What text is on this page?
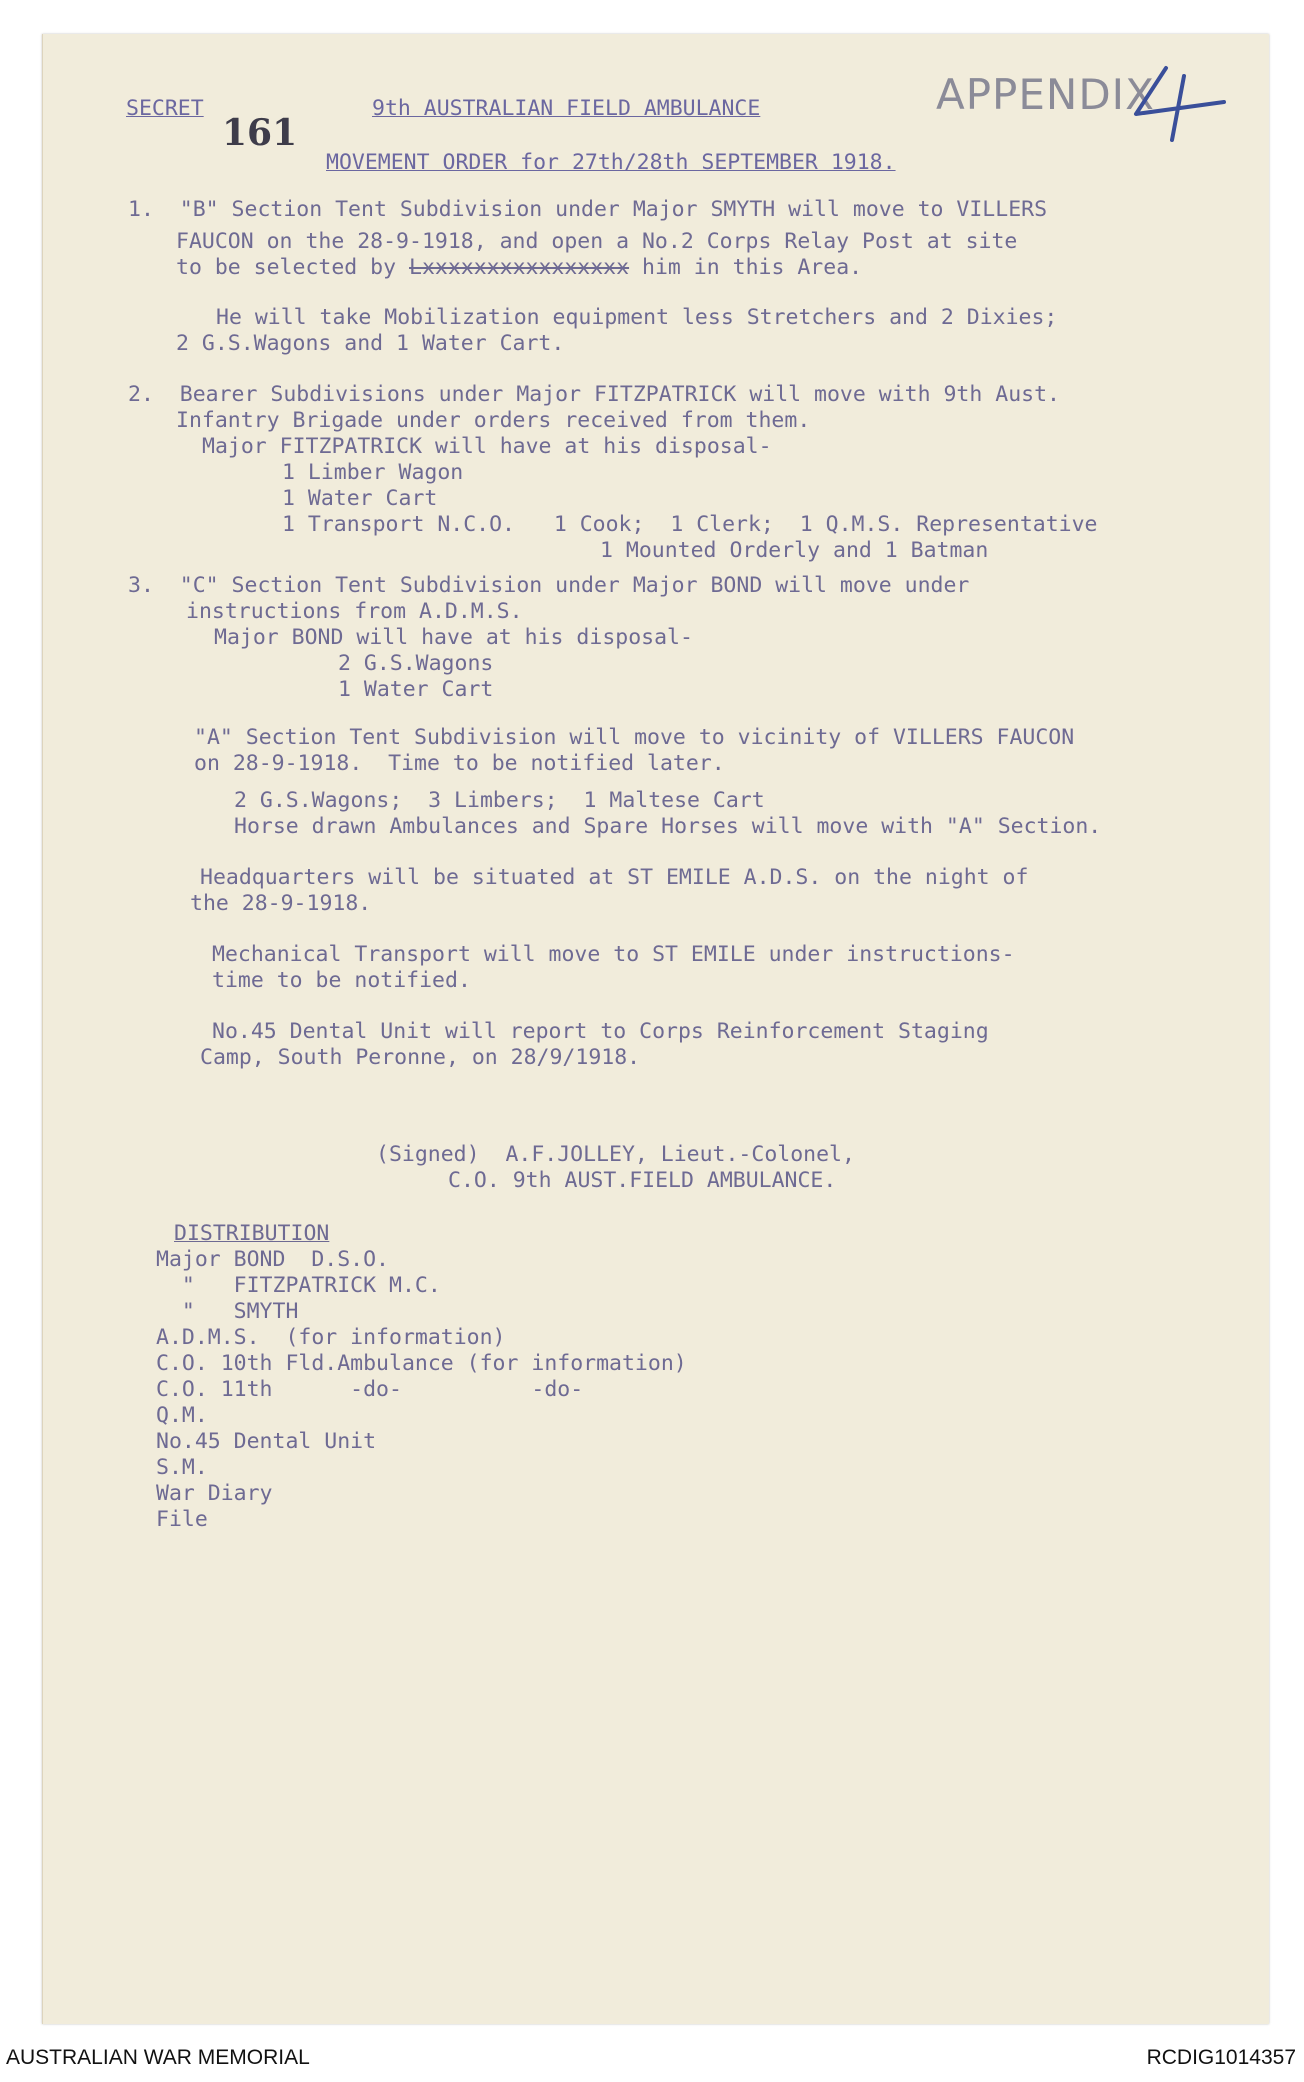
SECRET
161
9th AUSTRALIAN FIELD AMBULANCE
MOVEMENT ORDER for 27th/28th SEPTEMBER 1918.
APPENDIX
1.  "B" Section Tent Subdivision under Major SMYTH will move to VILLERS
FAUCON on the 28-9-1918, and open a No.2 Corps Relay Post at site
to be selected by Lxxxxxxxxxxxxxxxx him in this Area.
He will take Mobilization equipment less Stretchers and 2 Dixies;
2 G.S.Wagons and 1 Water Cart.
2.  Bearer Subdivisions under Major FITZPATRICK will move with 9th Aust.
Infantry Brigade under orders received from them.
Major FITZPATRICK will have at his disposal-
1 Limber Wagon
1 Water Cart
1 Transport N.C.O.   1 Cook;  1 Clerk;  1 Q.M.S. Representative
1 Mounted Orderly and 1 Batman
3.  "C" Section Tent Subdivision under Major BOND will move under
instructions from A.D.M.S.
Major BOND will have at his disposal-
2 G.S.Wagons
1 Water Cart
"A" Section Tent Subdivision will move to vicinity of VILLERS FAUCON
on 28-9-1918.  Time to be notified later.
2 G.S.Wagons;  3 Limbers;  1 Maltese Cart
Horse drawn Ambulances and Spare Horses will move with "A" Section.
Headquarters will be situated at ST EMILE A.D.S. on the night of
the 28-9-1918.
Mechanical Transport will move to ST EMILE under instructions-
time to be notified.
No.45 Dental Unit will report to Corps Reinforcement Staging
Camp, South Peronne, on 28/9/1918.
(Signed)  A.F.JOLLEY, Lieut.-Colonel,
C.O. 9th AUST.FIELD AMBULANCE.
DISTRIBUTION
Major BOND  D.S.O.
"   FITZPATRICK M.C.
"   SMYTH
A.D.M.S.  (for information)
C.O. 10th Fld.Ambulance (for information)
C.O. 11th      -do-          -do-
Q.M.
No.45 Dental Unit
S.M.
War Diary
File
AUSTRALIAN WAR MEMORIAL	RCDIG1014357
